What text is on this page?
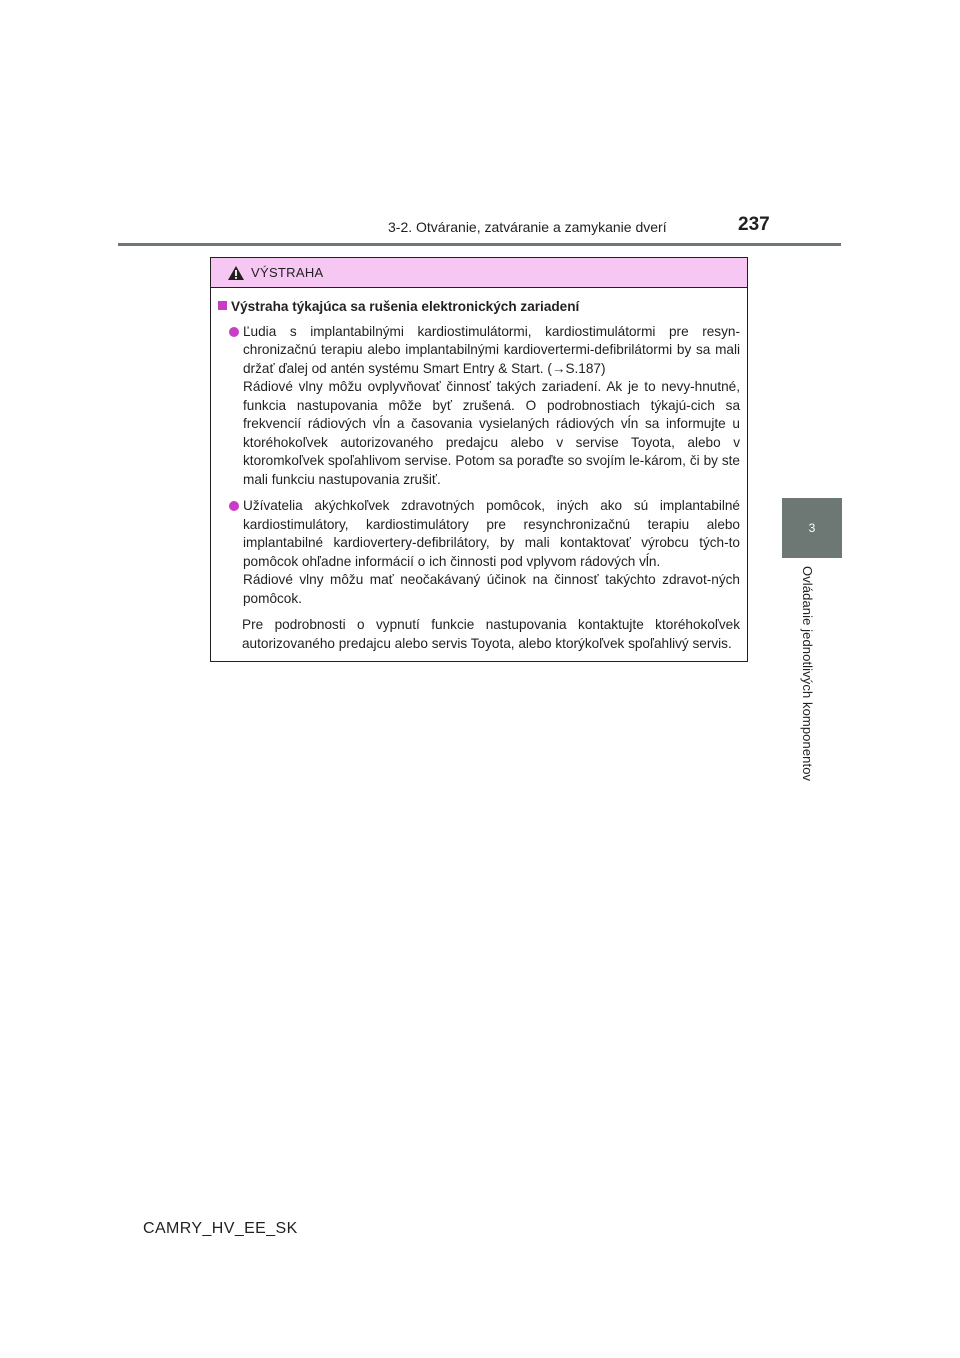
3-2. Otváranie, zatváranie a zamykanie dverí	237
3
Ovládanie jednotlivých komponentov
VÝSTRAHA
Výstraha týkajúca sa rušenia elektronických zariadení

Ľudia s implantabilnými kardiostimulátormi, kardiostimulátormi pre resyn-chronizačnú terapiu alebo implantabilnými kardiovertermi-defibrilátormi by sa mali držať ďalej od antén systému Smart Entry & Start. (→S.187)

Rádiové vlny môžu ovplyvňovať činnosť takých zariadení. Ak je to nevy-hnutné, funkcia nastupovania môže byť zrušená. O podrobnostiach týkajú-cich sa frekvencií rádiových vĺn a časovania vysielaných rádiových vĺn sa informujte u ktoréhokoľvek autorizovaného predajcu alebo v servise Toyota, alebo v ktoromkoľvek spoľahlivom servise. Potom sa poraďte so svojím le-károm, či by ste mali funkciu nastupovania zrušiť.

Užívatelia akýchkoľvek zdravotných pomôcok, iných ako sú implantabilné kardiostimulátory, kardiostimulátory pre resynchronizačnú terapiu alebo implantabilné kardiovertery-defibrilátory, by mali kontaktovať výrobcu tých-to pomôcok ohľadne informácií o ich činnosti pod vplyvom rádových vĺn.

Rádiové vlny môžu mať neočakávaný účinok na činnosť takýchto zdravot-ných pomôcok.

Pre podrobnosti o vypnutí funkcie nastupovania kontaktujte ktoréhokoľvek autorizovaného predajcu alebo servis Toyota, alebo ktorýkoľvek spoľahlivý servis.

CAMRY_HV_EE_SK
